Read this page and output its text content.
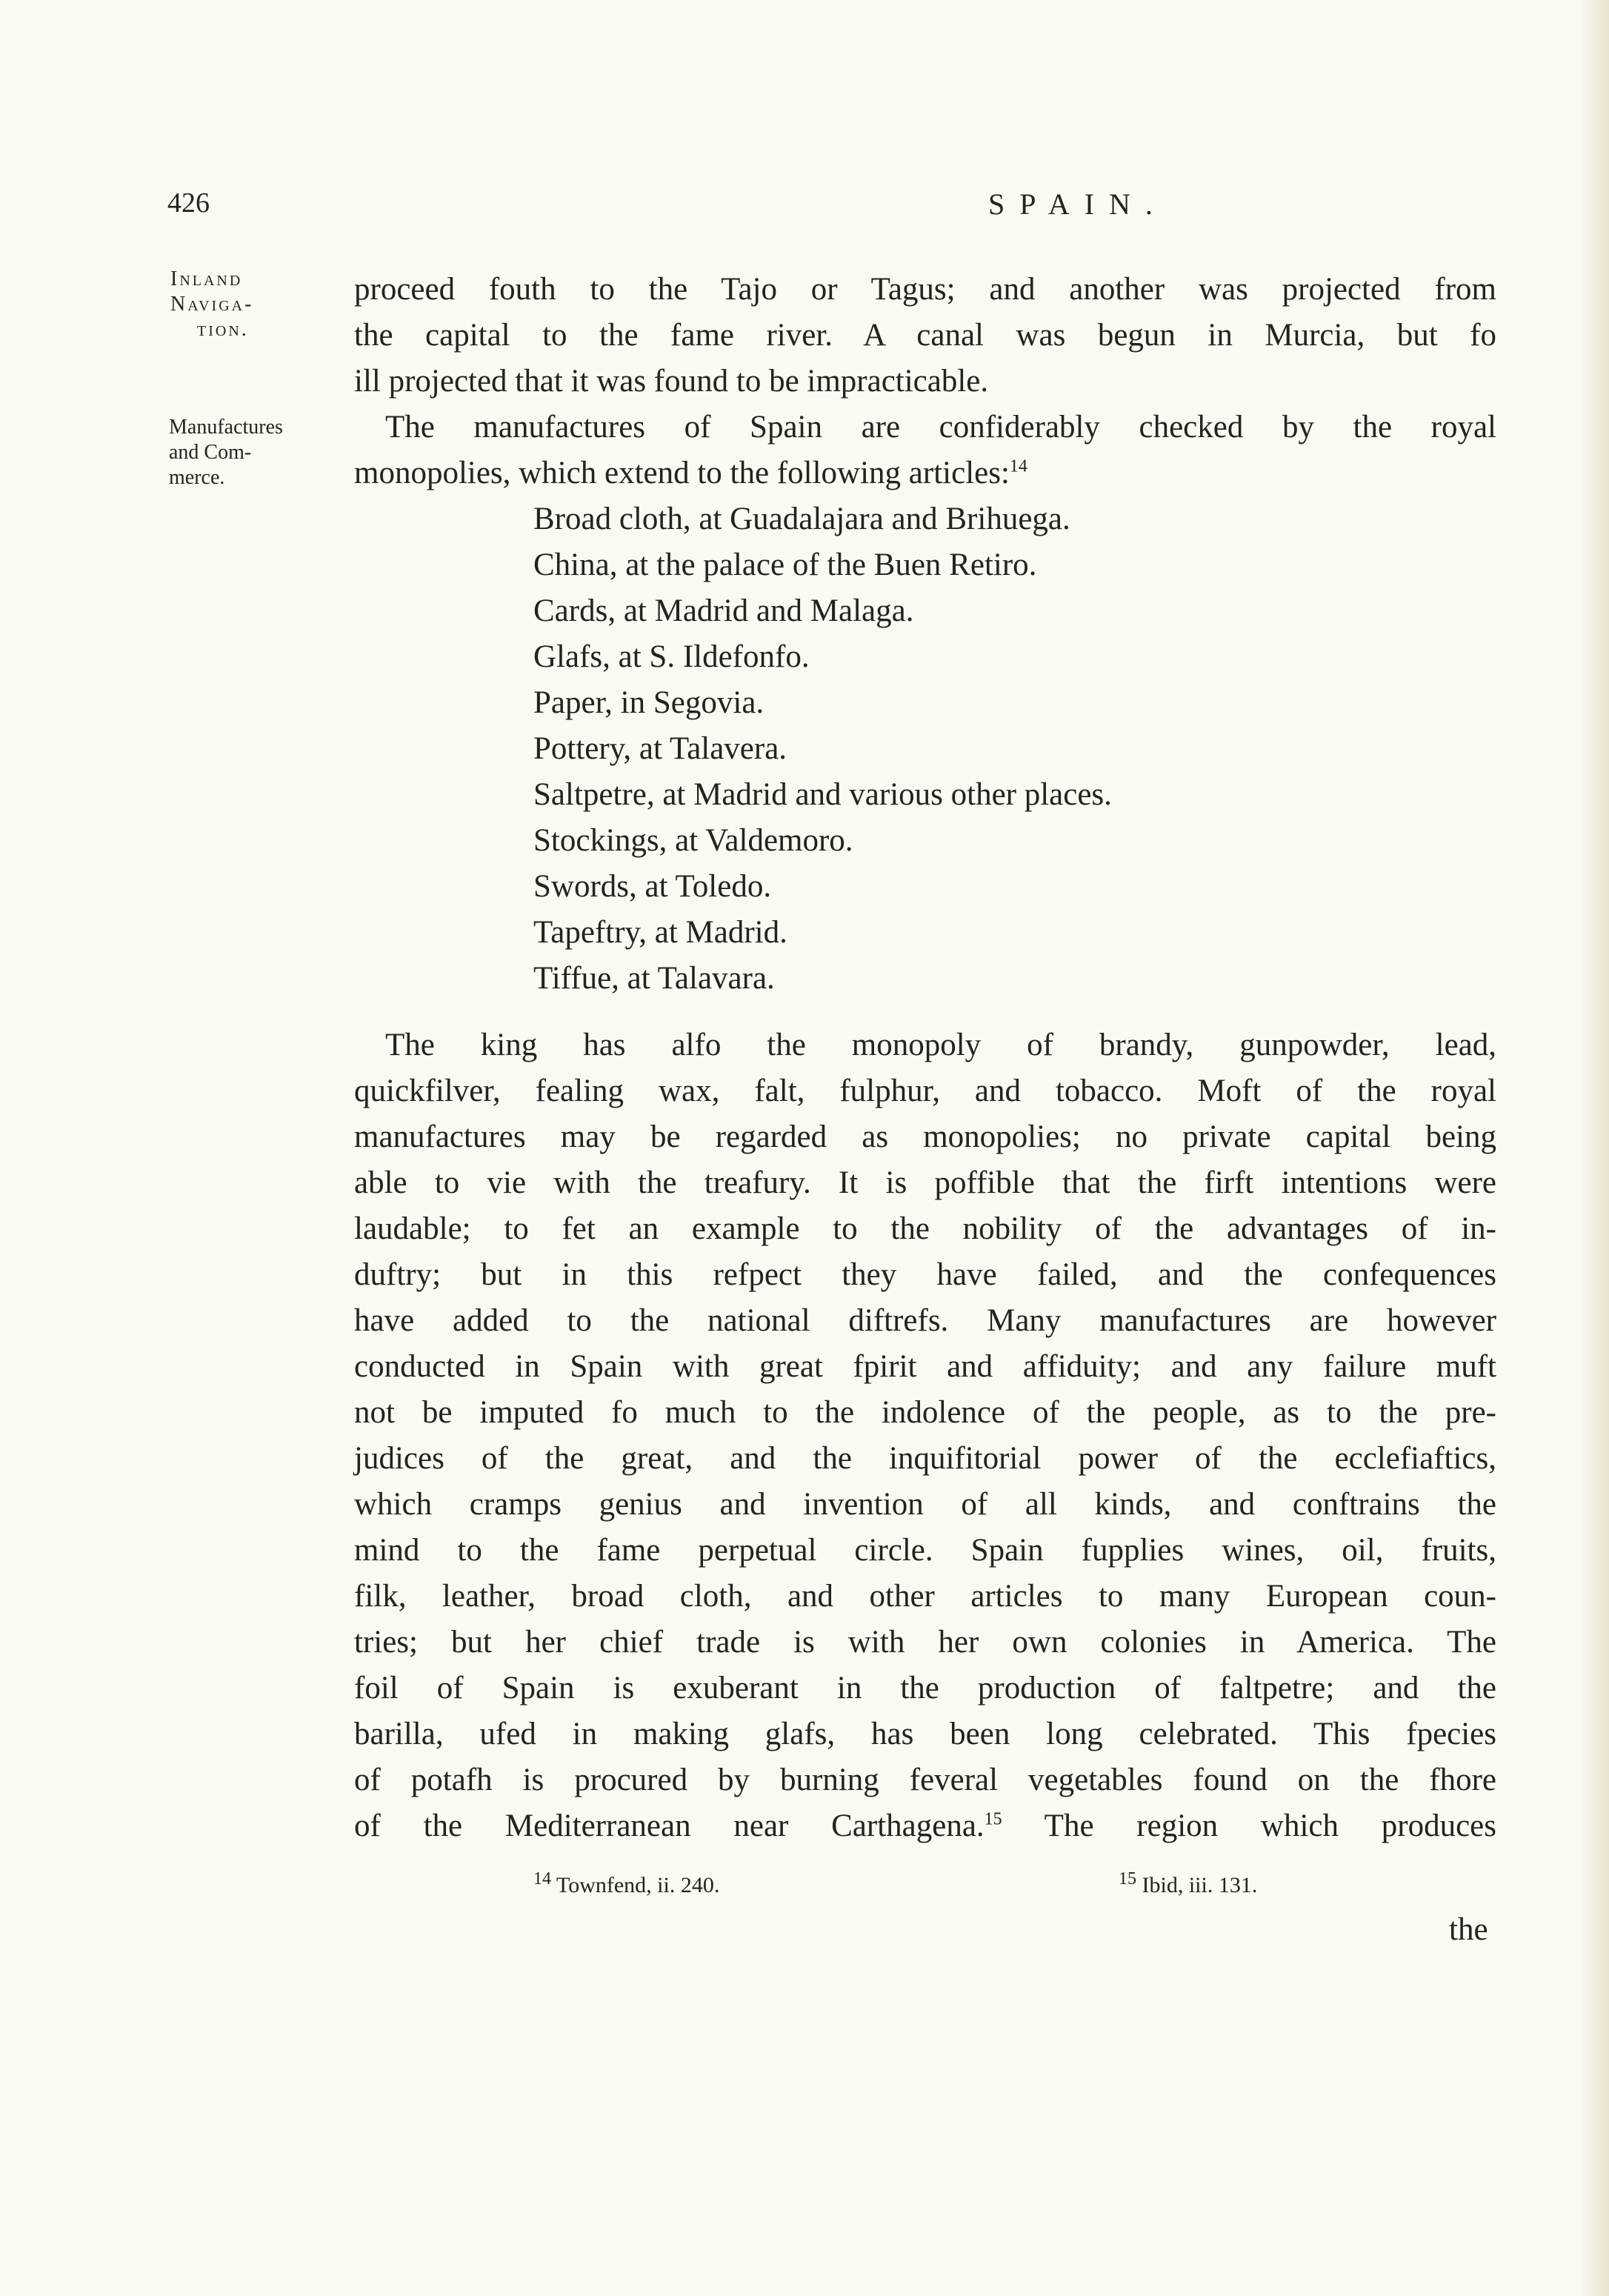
426	SPAIN.
Inland
Naviga-
tion.
Manufactures
and Com-
merce.
proceed fouth to the Tajo or Tagus; and another was projected from
the capital to the fame river. A canal was begun in Murcia, but fo
ill projected that it was found to be impracticable.
The manufactures of Spain are confiderably checked by the royal
monopolies, which extend to the following articles:$^{14}$
Broad cloth, at Guadalajara and Brihuega.
China, at the palace of the Buen Retiro.
Cards, at Madrid and Malaga.
Glafs, at S. Ildefonfo.
Paper, in Segovia.
Pottery, at Talavera.
Saltpetre, at Madrid and various other places.
Stockings, at Valdemoro.
Swords, at Toledo.
Tapeftry, at Madrid.
Tiffue, at Talavara.
The king has alfo the monopoly of brandy, gunpowder, lead,
quickfilver, fealing wax, falt, fulphur, and tobacco. Moft of the royal
manufactures may be regarded as monopolies; no private capital being
able to vie with the treafury. It is poffible that the firft intentions were
laudable; to fet an example to the nobility of the advantages of in-
duftry; but in this refpect they have failed, and the confequences
have added to the national diftrefs. Many manufactures are however
conducted in Spain with great fpirit and affiduity; and any failure muft
not be imputed fo much to the indolence of the people, as to the pre-
judices of the great, and the inquifitorial power of the ecclefiaftics,
which cramps genius and invention of all kinds, and conftrains the
mind to the fame perpetual circle. Spain fupplies wines, oil, fruits,
filk, leather, broad cloth, and other articles to many European coun-
tries; but her chief trade is with her own colonies in America. The
foil of Spain is exuberant in the production of faltpetre; and the
barilla, ufed in making glafs, has been long celebrated. This fpecies
of potafh is procured by burning feveral vegetables found on the fhore
of the Mediterranean near Carthagena.$^{15}$ The region which produces
$^{14}$ Townfend, ii. 240.	$^{15}$ Ibid, iii. 131.
the
